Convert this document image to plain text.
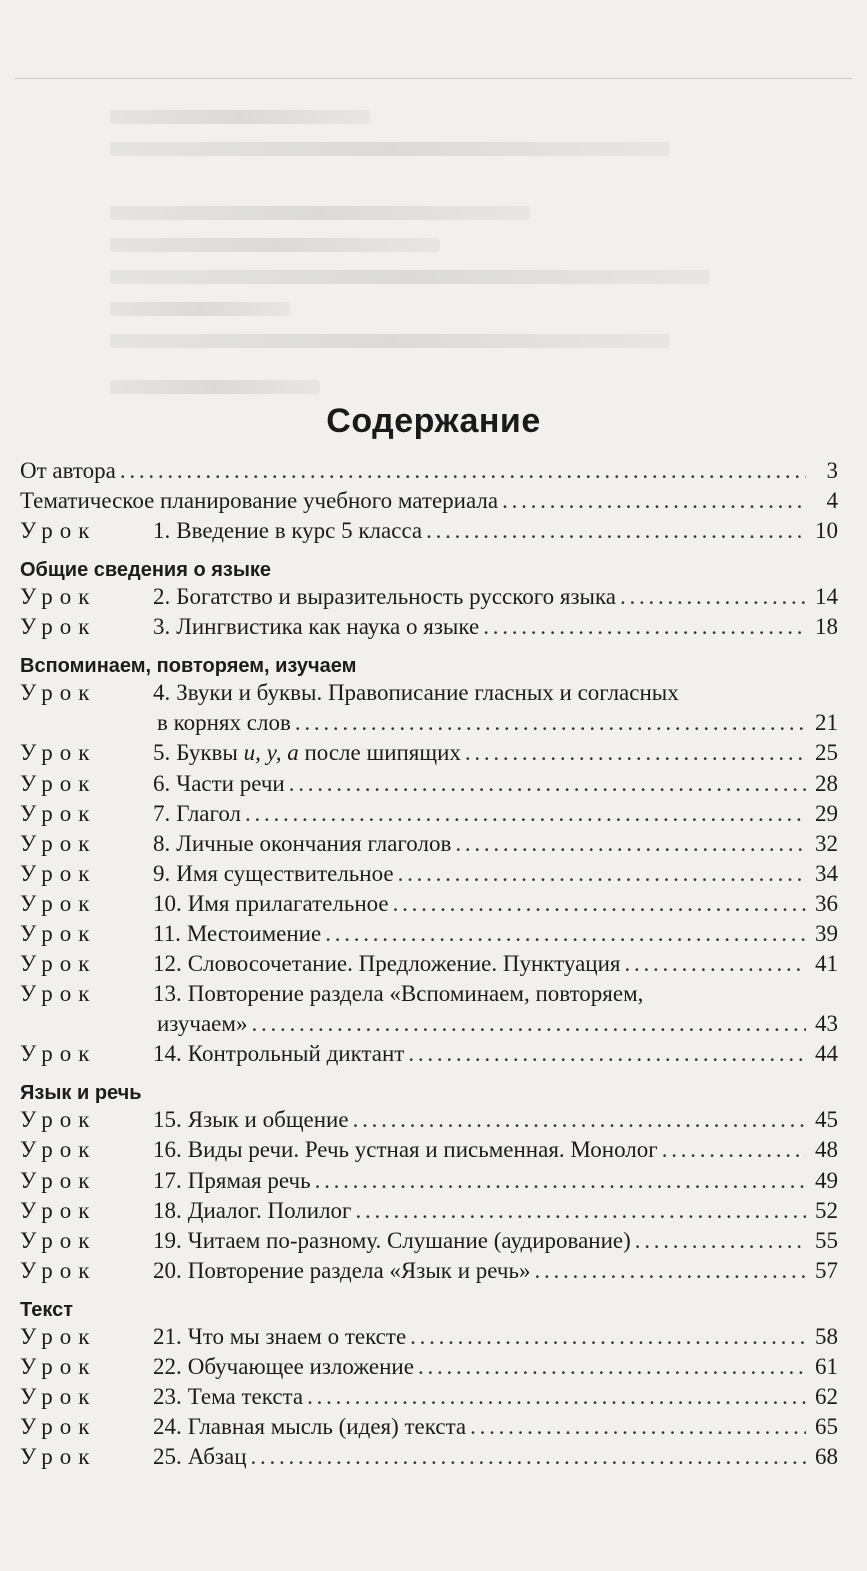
Содержание
От автора . . .	3
Тематическое планирование учебного материала . . .	4
Урок	1. Введение в курс 5 класса . . .	10
Общие сведения о языке
Урок	2. Богатство и выразительность русского языка . . .	14
Урок	3. Лингвистика как наука о языке . . .	18
Вспоминаем, повторяем, изучаем
Урок	4. Звуки и буквы. Правописание гласных и согласных
в корнях слов . . .	21
Урок	5. Буквы и, у, а после шипящих . . .	25
Урок	6. Части речи . . .	28
Урок	7. Глагол . . .	29
Урок	8. Личные окончания глаголов . . .	32
Урок	9. Имя существительное . . .	34
Урок	10. Имя прилагательное . . .	36
Урок	11. Местоимение . . .	39
Урок	12. Словосочетание. Предложение. Пунктуация . . .	41
Урок	13. Повторение раздела «Вспоминаем, повторяем,
изучаем» . . .	43
Урок	14. Контрольный диктант . . .	44
Язык и речь
Урок	15. Язык и общение . . .	45
Урок	16. Виды речи. Речь устная и письменная. Монолог . . .	48
Урок	17. Прямая речь . . .	49
Урок	18. Диалог. Полилог . . .	52
Урок	19. Читаем по-разному. Слушание (аудирование) . . .	55
Урок	20. Повторение раздела «Язык и речь» . . .	57
Текст
Урок	21. Что мы знаем о тексте . . .	58
Урок	22. Обучающее изложение . . .	61
Урок	23. Тема текста . . .	62
Урок	24. Главная мысль (идея) текста . . .	65
Урок	25. Абзац . . .	68
